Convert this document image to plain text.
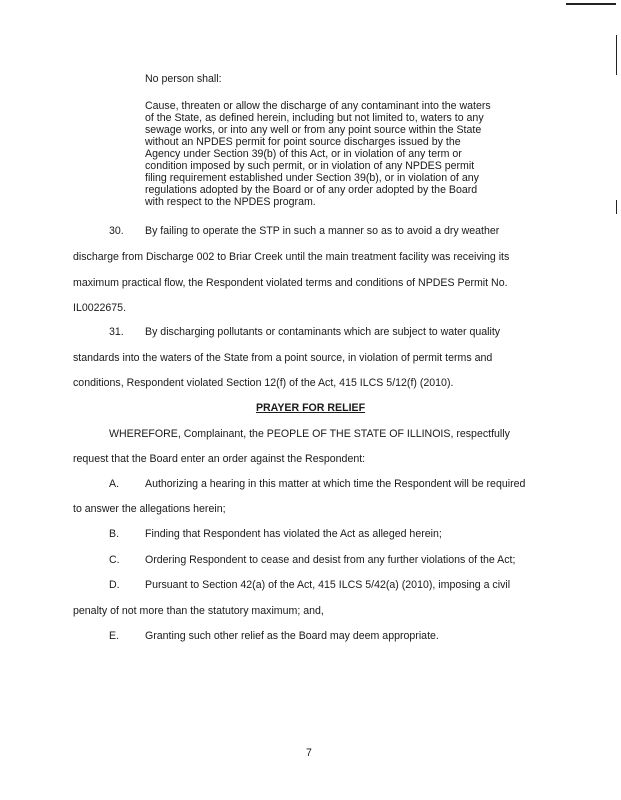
No person shall:
Cause, threaten or allow the discharge of any contaminant into the waters
of the State, as defined herein, including but not limited to, waters to any
sewage works, or into any well or from any point source within the State
without an NPDES permit for point source discharges issued by the
Agency under Section 39(b) of this Act, or in violation of any term or
condition imposed by such permit, or in violation of any NPDES permit
filing requirement established under Section 39(b), or in violation of any
regulations adopted by the Board or of any order adopted by the Board
with respect to the NPDES program.
30. By failing to operate the STP in such a manner so as to avoid a dry weather
discharge from Discharge 002 to Briar Creek until the main treatment facility was receiving its
maximum practical flow, the Respondent violated terms and conditions of NPDES Permit No.
IL0022675.
31. By discharging pollutants or contaminants which are subject to water quality
standards into the waters of the State from a point source, in violation of permit terms and
conditions, Respondent violated Section 12(f) of the Act, 415 ILCS 5/12(f) (2010).
PRAYER FOR RELIEF
WHEREFORE, Complainant, the PEOPLE OF THE STATE OF ILLINOIS, respectfully
request that the Board enter an order against the Respondent:
A. Authorizing a hearing in this matter at which time the Respondent will be required
to answer the allegations herein;
B. Finding that Respondent has violated the Act as alleged herein;
C. Ordering Respondent to cease and desist from any further violations of the Act;
D. Pursuant to Section 42(a) of the Act, 415 ILCS 5/42(a) (2010), imposing a civil
penalty of not more than the statutory maximum; and,
E. Granting such other relief as the Board may deem appropriate.
7
